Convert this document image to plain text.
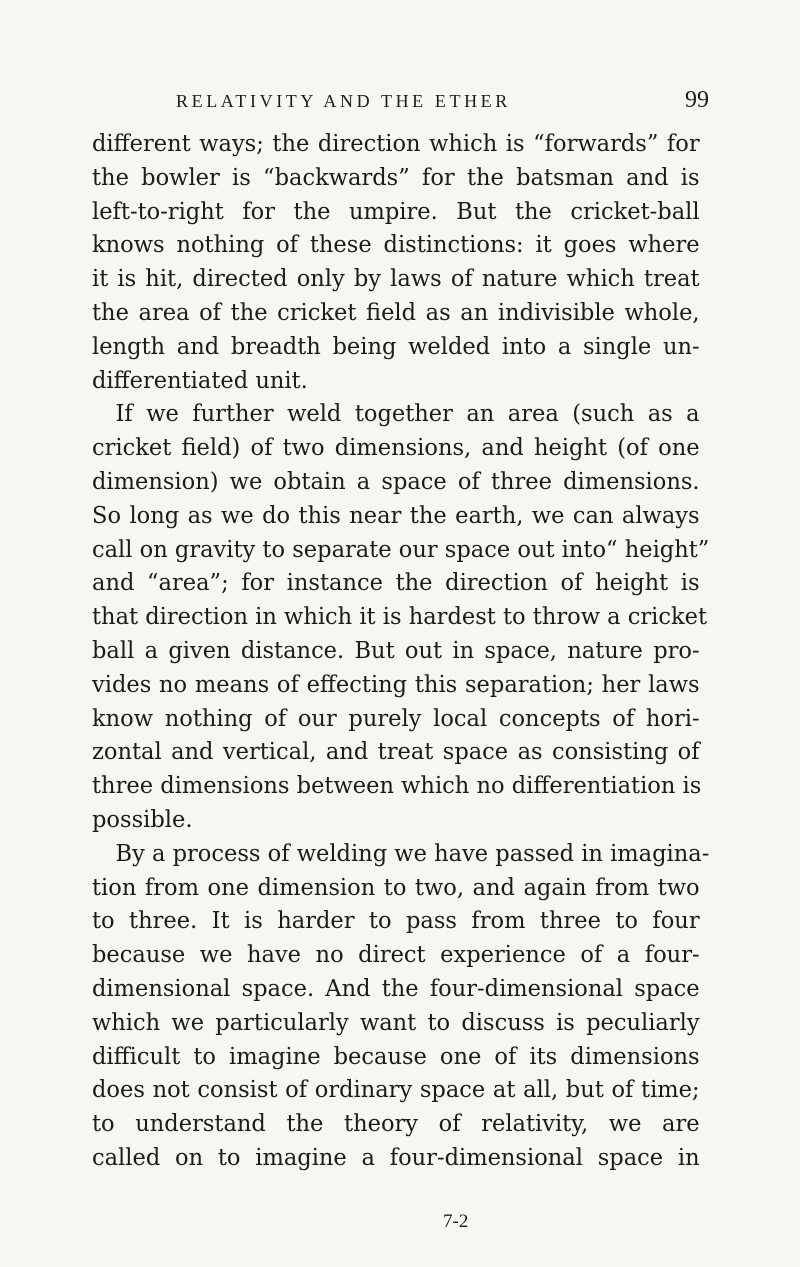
RELATIVITY AND THE ETHER	99
different ways; the direction which is “forwards” for
the bowler is “backwards” for the batsman and is
left-to-right for the umpire. But the cricket-ball
knows nothing of these distinctions: it goes where
it is hit, directed only by laws of nature which treat
the area of the cricket field as an indivisible whole,
length and breadth being welded into a single un-
differentiated unit.
If we further weld together an area (such as a
cricket field) of two dimensions, and height (of one
dimension) we obtain a space of three dimensions.
So long as we do this near the earth, we can always
call on gravity to separate our space out into“ height”
and “area”; for instance the direction of height is
that direction in which it is hardest to throw a cricket
ball a given distance. But out in space, nature pro-
vides no means of effecting this separation; her laws
know nothing of our purely local concepts of hori-
zontal and vertical, and treat space as consisting of
three dimensions between which no differentiation is
possible.
By a process of welding we have passed in imagina-
tion from one dimension to two, and again from two
to three. It is harder to pass from three to four
because we have no direct experience of a four-
dimensional space. And the four-dimensional space
which we particularly want to discuss is peculiarly
difficult to imagine because one of its dimensions
does not consist of ordinary space at all, but of time;
to understand the theory of relativity, we are
called on to imagine a four-dimensional space in
7-2
